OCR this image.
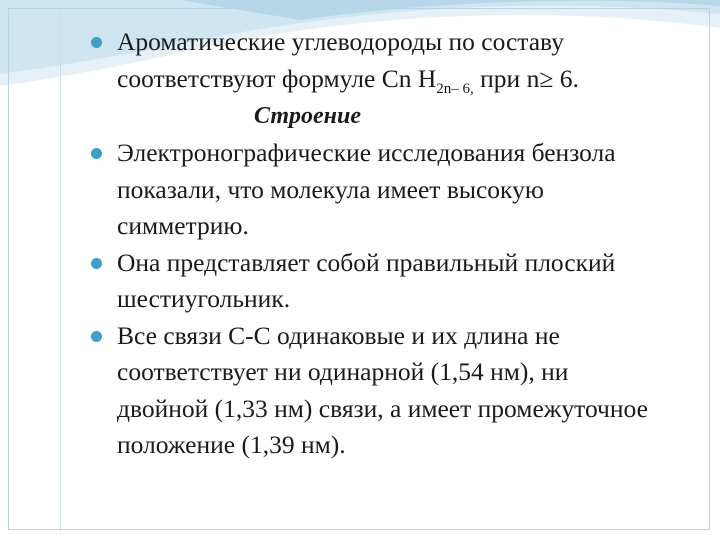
Ароматические углеводороды по составу
соответствуют формуле Cn $H_{2n- 6,}$ при n≥ 6.
Строение
Электронографические исследования бензола
показали, что молекула имеет высокую
симметрию.
Она представляет собой правильный плоский
шестиугольник.
Все связи С-С одинаковые и их длина не
соответствует ни одинарной (1,54 нм), ни
двойной (1,33 нм) связи, а имеет промежуточное
положение (1,39 нм).
